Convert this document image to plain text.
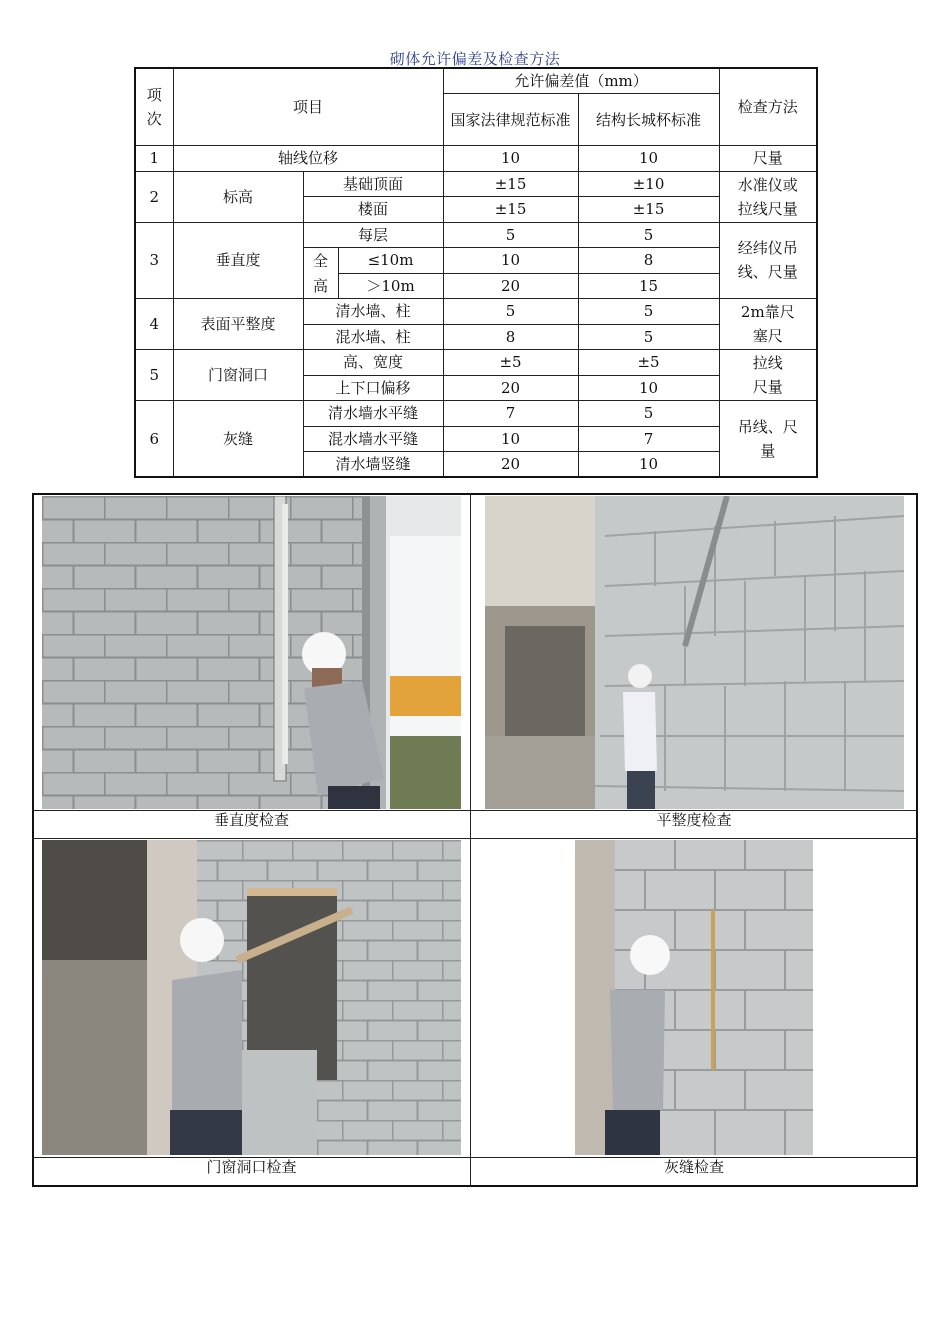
砌体允许偏差及检查方法
项次	项目			允许偏差值（mm）		检查方法

				国家法律规范标准	结构长城杯标准	
1	轴线位移			10	10	尺量
2	标高	基础顶面		±15	±10	水准仪或拉线尺量

		楼面		±15	±15	
3	垂直度	每层		5	5	经纬仪吊线、尺量

		全	≤10m	10	8	
		高	＞10m	20	15	
4	表面平整度	清水墙、柱		5	5	2m靠尺塞尺

		混水墙、柱		8	5	
5	门窗洞口	高、宽度		±5	±5	拉线尺量

		上下口偏移		20	10	
6	灰缝	清水墙水平缝		7	5	吊线、尺量

		混水墙水平缝		10	7	
		清水墙竖缝		20	10	
垂直度检查	平整度检查
门窗洞口检查	灰缝检查
